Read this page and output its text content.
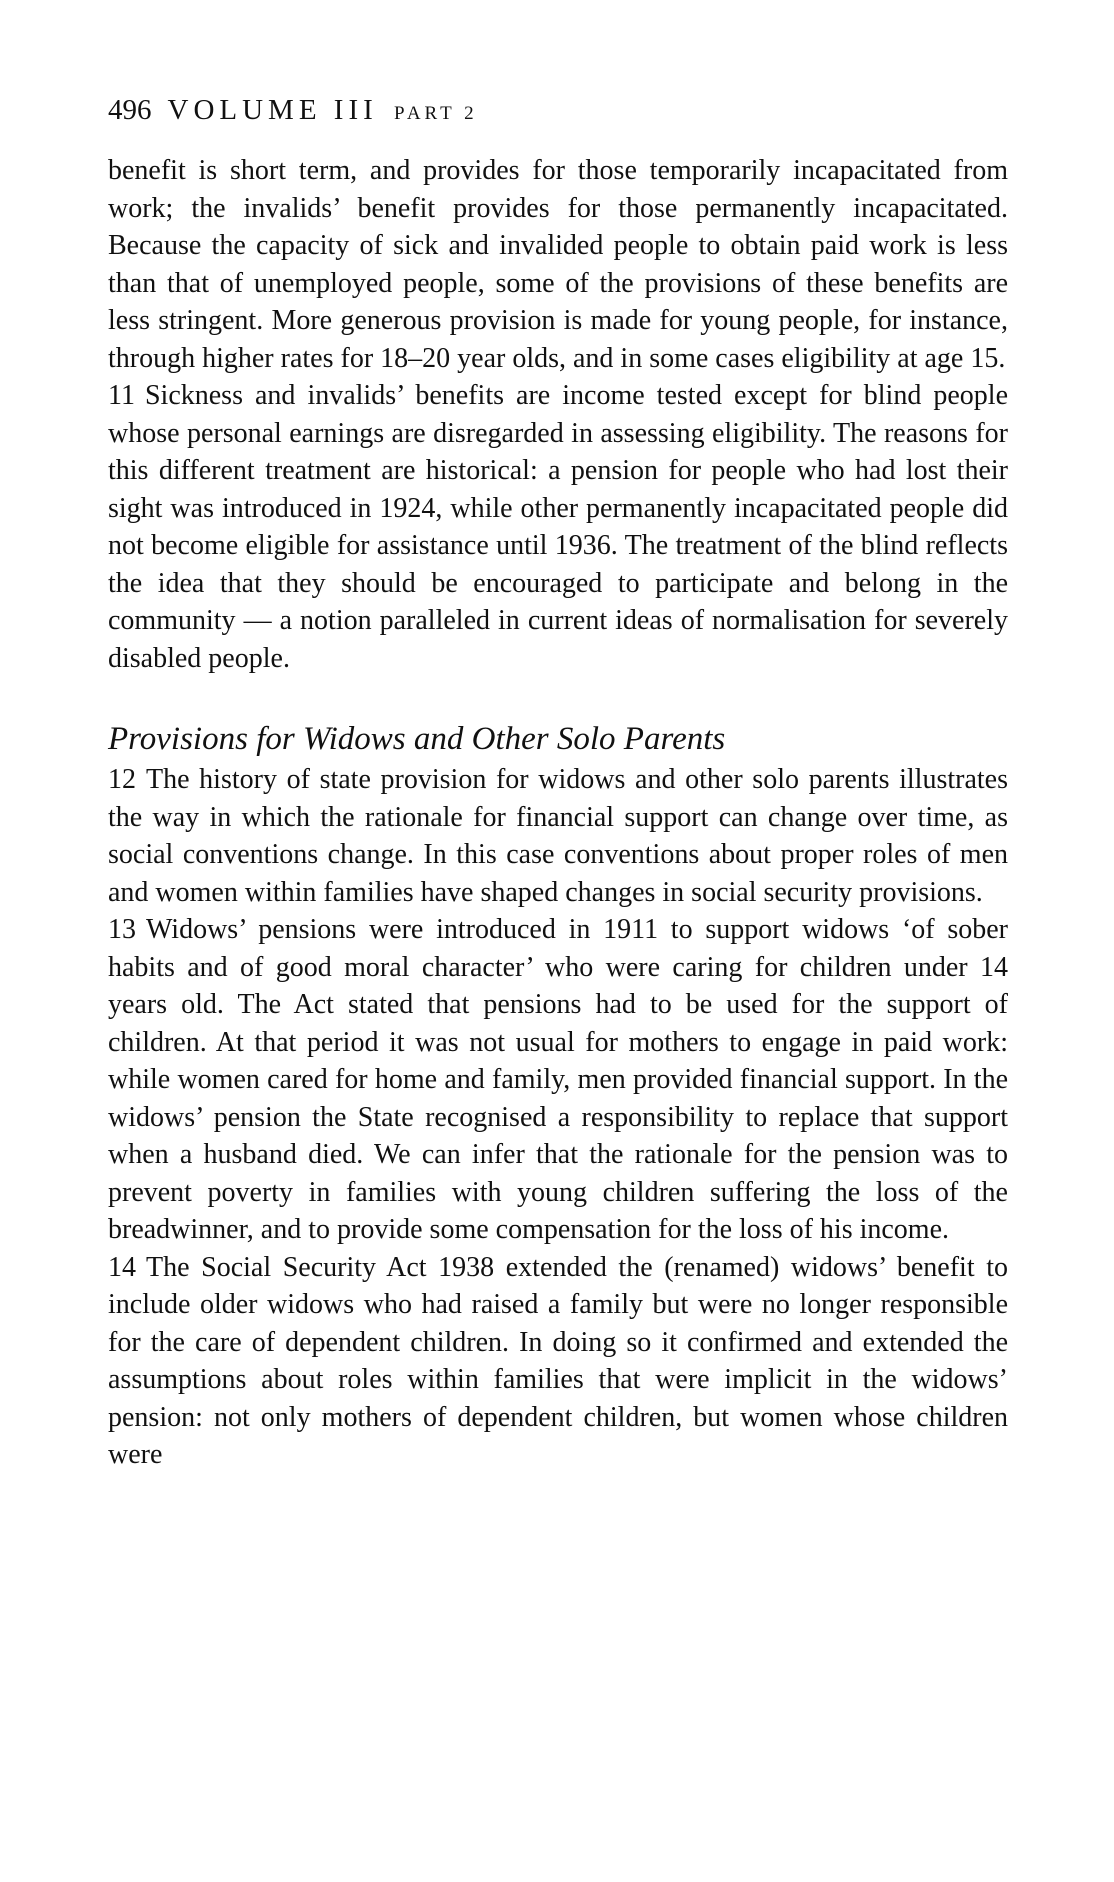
496 VOLUME III PART 2

benefit is short term, and provides for those temporarily incapacitated from work; the invalids’ benefit provides for those permanently incapacitated. Because the capacity of sick and invalided people to obtain paid work is less than that of unemployed people, some of the provisions of these benefits are less stringent. More generous provision is made for young people, for instance, through higher rates for 18–20 year olds, and in some cases eligibility at age 15.

11 Sickness and invalids’ benefits are income tested except for blind people whose personal earnings are disregarded in assessing eligibility. The reasons for this different treatment are historical: a pension for people who had lost their sight was introduced in 1924, while other permanently incapacitated people did not become eligible for assistance until 1936. The treatment of the blind reflects the idea that they should be encouraged to participate and belong in the community — a notion paralleled in current ideas of normalisation for severely disabled people.

Provisions for Widows and Other Solo Parents

12 The history of state provision for widows and other solo parents illustrates the way in which the rationale for financial support can change over time, as social conventions change. In this case conventions about proper roles of men and women within families have shaped changes in social security provisions.

13 Widows’ pensions were introduced in 1911 to support widows ‘of sober habits and of good moral character’ who were caring for children under 14 years old. The Act stated that pensions had to be used for the support of children. At that period it was not usual for mothers to engage in paid work: while women cared for home and family, men provided financial support. In the widows’ pension the State recognised a responsibility to replace that support when a husband died. We can infer that the rationale for the pension was to prevent poverty in families with young children suffering the loss of the breadwinner, and to provide some compensation for the loss of his income.

14 The Social Security Act 1938 extended the (renamed) widows’ benefit to include older widows who had raised a family but were no longer responsible for the care of dependent children. In doing so it confirmed and extended the assumptions about roles within families that were implicit in the widows’ pension: not only mothers of dependent children, but women whose children were
